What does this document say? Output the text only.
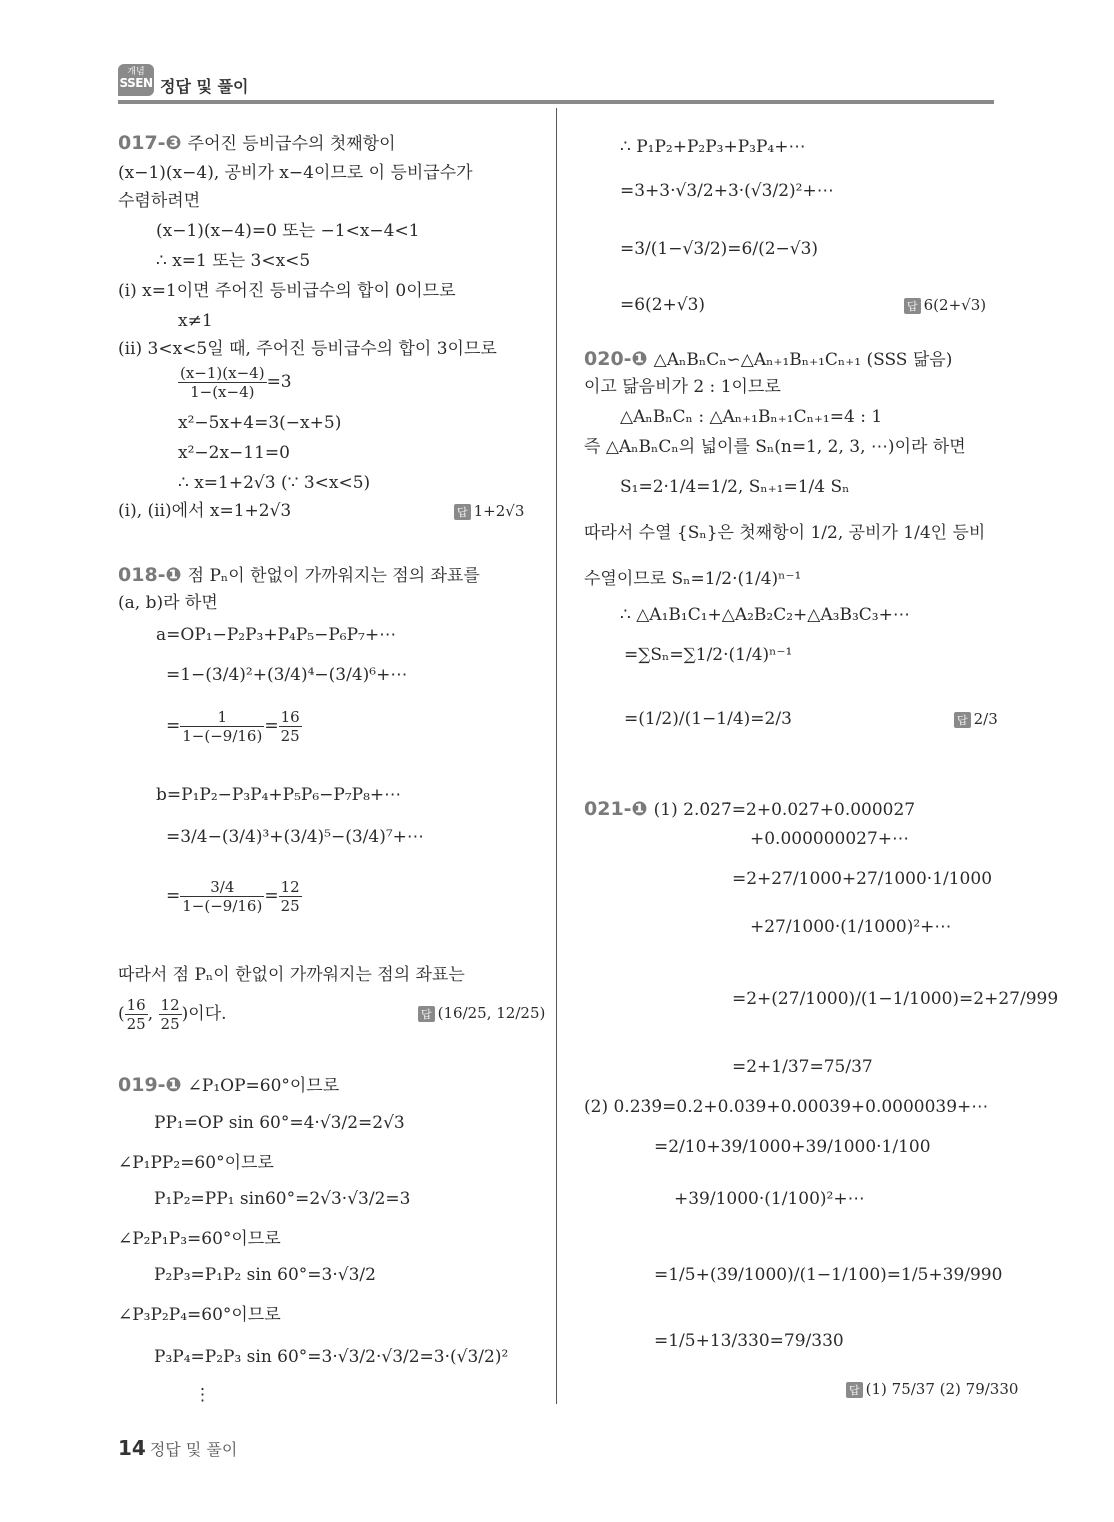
개념
SSEN 정답 및 풀이
017-❸ 주어진 등비급수의 첫째항이
(x−1)(x−4), 공비가 x−4이므로 이 등비급수가
수렴하려면
(x−1)(x−4)=0 또는 −1<x−4<1
∴ x=1 또는 3<x<5
(ⅰ) x=1이면 주어진 등비급수의 합이 0이므로
x≠1
(ⅱ) 3<x<5일 때, 주어진 등비급수의 합이 3이므로
$\frac{(x-1)(x-4)}{1-(x-4)} =3$
x²−5x+4=3(−x+5)
x²−2x−11=0
∴ x=1+2√3 (∵ 3<x<5)
(ⅰ), (ⅱ)에서 x=1+2√3	답 1+2√3
018-❶ 점 Pₙ이 한없이 가까워지는 점의 좌표를
(a, b)라 하면
a=OP₁−P₂P₃+P₄P₅−P₆P₇+⋯
=1−(3/4)²+(3/4)⁴−(3/4)⁶+⋯
= $\frac{1}{1-(-9/16)} = \frac{16}{25}$
b=P₁P₂−P₃P₄+P₅P₆−P₇P₈+⋯
=3/4−(3/4)³+(3/4)⁵−(3/4)⁷+⋯
= $\frac{3/4}{1-(-9/16)} = \frac{12}{25}$
따라서 점 Pₙ이 한없이 가까워지는 점의 좌표는
( $\frac{16}{25}$ , $\frac{12}{25}$ )이다.	답 (16/25, 12/25)
019-❶ ∠P₁OP=60°이므로
PP₁=OP sin 60°=4·√3/2=2√3
∠P₁PP₂=60°이므로
P₁P₂=PP₁ sin60°=2√3·√3/2=3
∠P₂P₁P₃=60°이므로
P₂P₃=P₁P₂ sin 60°=3·√3/2
∠P₃P₂P₄=60°이므로
P₃P₄=P₂P₃ sin 60°=3·√3/2·√3/2=3·(√3/2)²
⋮
∴ P₁P₂+P₂P₃+P₃P₄+⋯
=3+3·√3/2+3·(√3/2)²+⋯
=3/(1−√3/2)=6/(2−√3)
=6(2+√3)	답 6(2+√3)
020-❶ △AₙBₙCₙ∽△Aₙ₊₁Bₙ₊₁Cₙ₊₁ (SSS 닮음)
이고 닮음비가 2 : 1이므로
△AₙBₙCₙ : △Aₙ₊₁Bₙ₊₁Cₙ₊₁=4 : 1
즉 △AₙBₙCₙ의 넓이를 Sₙ(n=1, 2, 3, ⋯)이라 하면
S₁=2·1/4=1/2, Sₙ₊₁=1/4 Sₙ
따라서 수열 {Sₙ}은 첫째항이 1/2, 공비가 1/4인 등비
수열이므로 Sₙ=1/2·(1/4)ⁿ⁻¹
∴ △A₁B₁C₁+△A₂B₂C₂+△A₃B₃C₃+⋯
=∑Sₙ=∑1/2·(1/4)ⁿ⁻¹
=(1/2)/(1−1/4)=2/3	답 2/3
021-❶ (1) 2.0̇27̇=2+0.027+0.000027
+0.000000027+⋯
=2+27/1000+27/1000·1/1000
+27/1000·(1/1000)²+⋯
=2+(27/1000)/(1−1/1000)=2+27/999
=2+1/37=75/37
(2) 0.23̇9̇=0.2+0.039+0.00039+0.0000039+⋯
=2/10+39/1000+39/1000·1/100
+39/1000·(1/100)²+⋯
=1/5+(39/1000)/(1−1/100)=1/5+39/990
=1/5+13/330=79/330
답 (1) 75/37 (2) 79/330
14 정답 및 풀이
